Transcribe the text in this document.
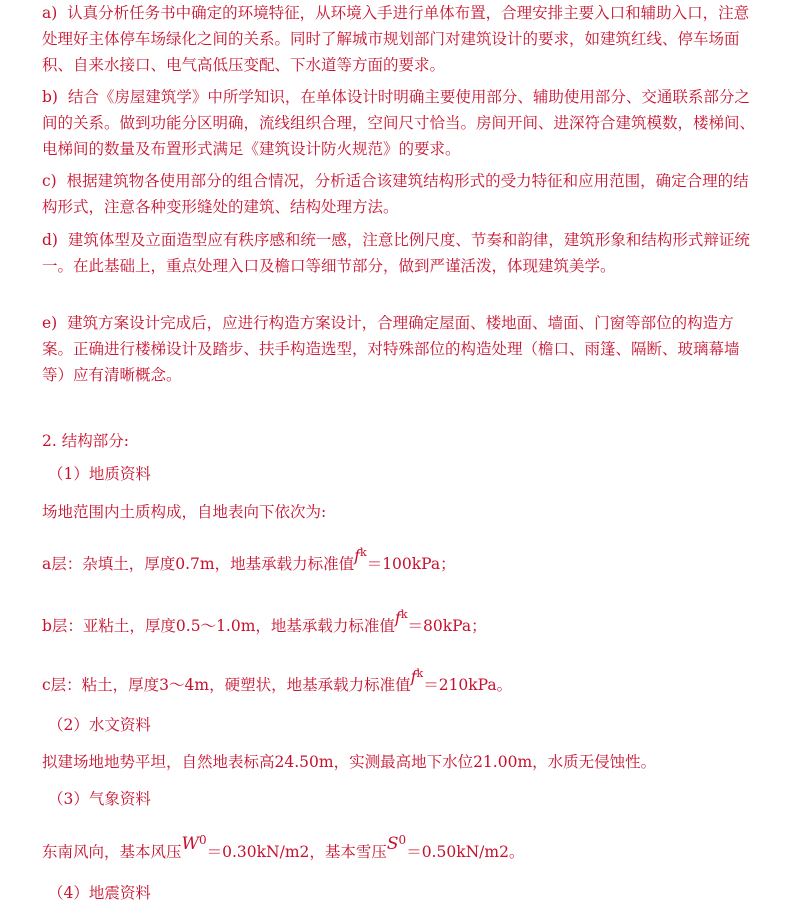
a) 认真分析任务书中确定的环境特征，从环境入手进行单体布置，合理安排主要入口和辅助入口，注意处理好主体停车场绿化之间的关系。同时了解城市规划部门对建筑设计的要求，如建筑红线、停车场面积、自来水接口、电气高低压变配、下水道等方面的要求。

b) 结合《房屋建筑学》中所学知识，在单体设计时明确主要使用部分、辅助使用部分、交通联系部分之间的关系。做到功能分区明确，流线组织合理，空间尺寸恰当。房间开间、进深符合建筑模数，楼梯间、电梯间的数量及布置形式满足《建筑设计防火规范》的要求。

c) 根据建筑物各使用部分的组合情况，分析适合该建筑结构形式的受力特征和应用范围，确定合理的结构形式，注意各种变形缝处的建筑、结构处理方法。

d) 建筑体型及立面造型应有秩序感和统一感，注意比例尺度、节奏和韵律，建筑形象和结构形式辩证统一。在此基础上，重点处理入口及檐口等细节部分，做到严谨活泼，体现建筑美学。

e) 建筑方案设计完成后，应进行构造方案设计，合理确定屋面、楼地面、墙面、门窗等部位的构造方案。正确进行楼梯设计及踏步、扶手构造选型，对特殊部位的构造处理（檐口、雨篷、隔断、玻璃幕墙等）应有清晰概念。

2. 结构部分:
（1）地质资料
场地范围内土质构成，自地表向下依次为:
a层：杂填土，厚度0.7m，地基承载力标准值$f^k=100kPa$；
b层：亚粘土，厚度0.5～1.0m，地基承载力标准值$f^k=80kPa$；
c层：粘土，厚度3～4m，硬塑状，地基承载力标准值$f^k=210kPa$。
（2）水文资料
拟建场地地势平坦，自然地表标高24.50m，实测最高地下水位21.00m，水质无侵蚀性。
（3）气象资料
东南风向，基本风压$W^0=0.30kN/m2$，基本雪压$S^0=0.50kN/m2$。
（4）地震资料
